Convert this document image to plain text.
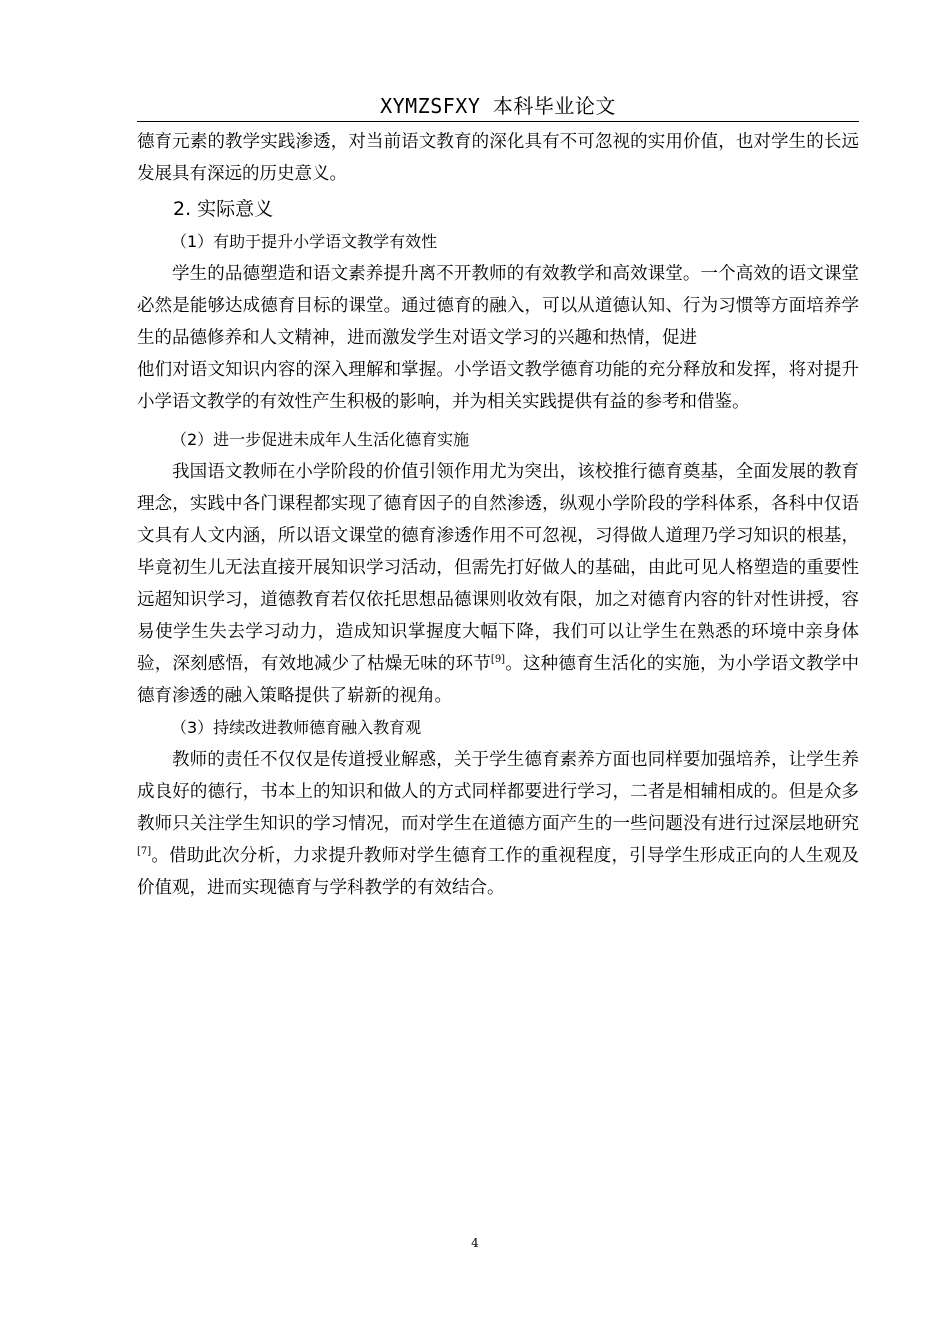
XYMZSFXY 本科毕业论文

德育元素的教学实践渗透，对当前语文教育的深化具有不可忽视的实用价值，也对学生的长远发展具有深远的历史意义。

2. 实际意义
（1）有助于提升小学语文教学有效性

学生的品德塑造和语文素养提升离不开教师的有效教学和高效课堂。一个高效的语文课堂必然是能够达成德育目标的课堂。通过德育的融入，可以从道德认知、行为习惯等方面培养学生的品德修养和人文精神，进而激发学生对语文学习的兴趣和热情，促进

他们对语文知识内容的深入理解和掌握。小学语文教学德育功能的充分释放和发挥，将对提升小学语文教学的有效性产生积极的影响，并为相关实践提供有益的参考和借鉴。

（2）进一步促进未成年人生活化德育实施

我国语文教师在小学阶段的价值引领作用尤为突出，该校推行德育奠基，全面发展的教育理念，实践中各门课程都实现了德育因子的自然渗透，纵观小学阶段的学科体系，各科中仅语文具有人文内涵，所以语文课堂的德育渗透作用不可忽视，习得做人道理乃学习知识的根基，毕竟初生儿无法直接开展知识学习活动，但需先打好做人的基础，由此可见人格塑造的重要性远超知识学习，道德教育若仅依托思想品德课则收效有限，加之对德育内容的针对性讲授，容易使学生失去学习动力，造成知识掌握度大幅下降，我们可以让学生在熟悉的环境中亲身体验，深刻感悟，有效地减少了枯燥无味的环节[9]。这种德育生活化的实施，为小学语文教学中德育渗透的融入策略提供了崭新的视角。

（3）持续改进教师德育融入教育观

教师的责任不仅仅是传道授业解惑，关于学生德育素养方面也同样要加强培养，让学生养成良好的德行，书本上的知识和做人的方式同样都要进行学习，二者是相辅相成的。但是众多教师只关注学生知识的学习情况，而对学生在道德方面产生的一些问题没有进行过深层地研究[7]。借助此次分析，力求提升教师对学生德育工作的重视程度，引导学生形成正向的人生观及价值观，进而实现德育与学科教学的有效结合。

4
